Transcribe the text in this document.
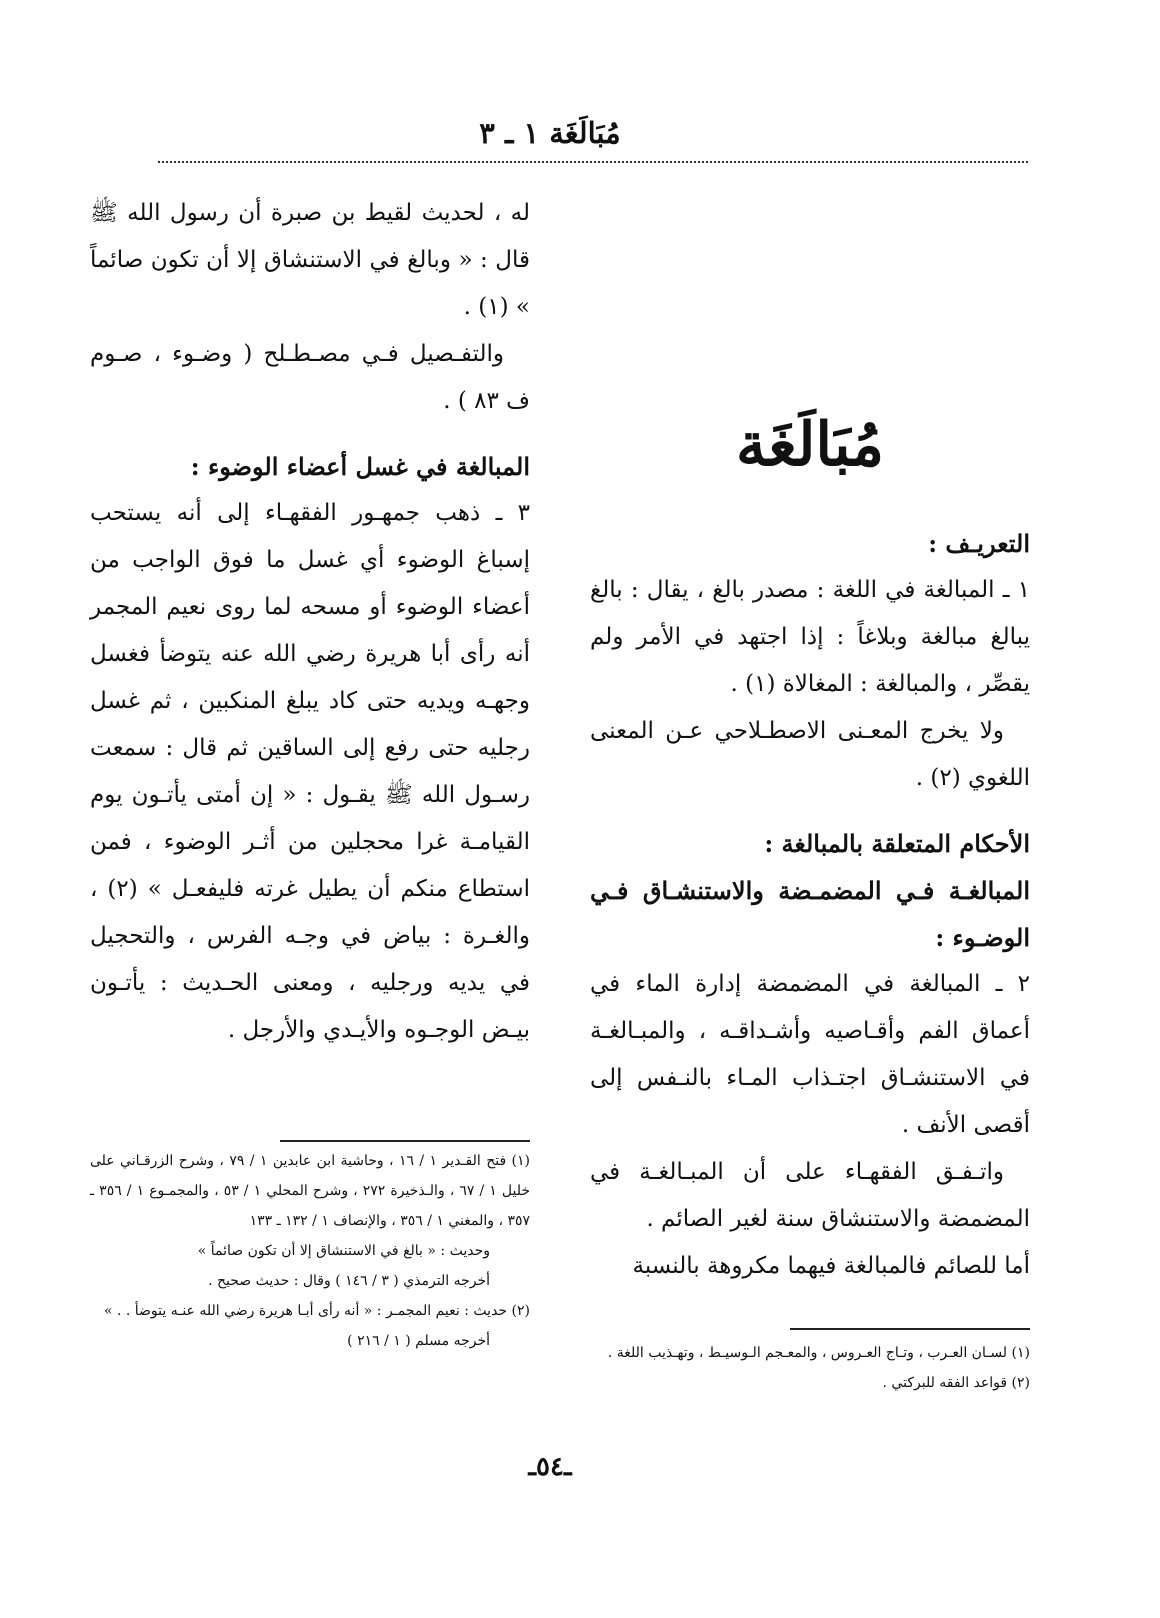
مُبَالَغَة ١ ـ ٣
مُبَالَغَة

التعريـف :

١ ـ المبالغة في اللغة : مصدر بالغ ، يقال : بالغ يبالغ مبالغة وبلاغاً : إذا اجتهد في الأمر ولم يقصِّر ، والمبالغة : المغالاة (١) .

ولا يخرج المعـنى الاصطـلاحي عـن المعنى اللغوي (٢) .

الأحكام المتعلقة بالمبالغة :

المبالغـة فـي المضمـضة والاستنشـاق فـي الوضـوء :

٢ ـ المبالغة في المضمضة إدارة الماء في أعماق الفم وأقـاصيه وأشـداقـه ، والمبـالغـة في الاستنشـاق اجتـذاب المـاء بالنـفس إلى أقصى الأنف .

واتـفـق الفقهـاء على أن المبـالغـة في المضمضة والاستنشاق سنة لغير الصائم .

أما للصائم فالمبالغة فيهما مكروهة بالنسبة

له ، لحديث لقيط بن صبرة أن رسول الله ﷺ قال : « وبالغ في الاستنشاق إلا أن تكون صائماً » (١) .

والتفـصيل فـي مصـطـلح ( وضـوء ، صـوم ف ٨٣ ) .

المبالغة في غسل أعضاء الوضوء :

٣ ـ ذهب جمهـور الفقهـاء إلى أنه يستحب إسباغ الوضوء أي غسل ما فوق الواجب من أعضاء الوضوء أو مسحه لما روى نعيم المجمر أنه رأى أبا هريرة رضي الله عنه يتوضأ فغسل وجهـه ويديه حتى كاد يبلغ المنكبين ، ثم غسل رجليه حتى رفع إلى الساقين ثم قال : سمعت رسـول الله ﷺ يقـول : « إن أمتى يأتـون يوم القيامـة غرا محجلين من أثـر الوضوء ، فمن استطاع منكم أن يطيل غرته فليفعـل » (٢) ، والغـرة : بياض في وجـه الفرس ، والتحجيل في يديه ورجليه ، ومعنى الحـديث : يأتـون بيـض الوجـوه والأيـدي والأرجل .

(١) لسـان العـرب ، وتـاج العـروس ، والمعـجم الـوسيـط ، وتهـذيب اللغة .

(٢) قواعد الفقه للبركتي .

(١) فتح القـدير ١ / ١٦ ، وحاشية ابن عابدين ١ / ٧٩ ، وشرح الزرقـاني على خليل ١ / ٦٧ ، والـذخيرة ٢٧٢ ، وشرح المحلي ١ / ٥٣ ، والمجمـوع ١ / ٣٥٦ ـ ٣٥٧ ، والمغني ١ / ٣٥٦ ، والإنصاف ١ / ١٣٢ ـ ١٣٣

وحديث : « بالغ في الاستنشاق إلا أن تكون صائماً »

أخرجه الترمذي ( ٣ / ١٤٦ ) وقال : حديث صحيح .

(٢) حديث : نعيم المجمـر : « أنه رأى أبـا هريرة رضي الله عنـه يتوضأ . . »

أخرجه مسلم ( ١ / ٢١٦ )

ـ٥٤ـ
